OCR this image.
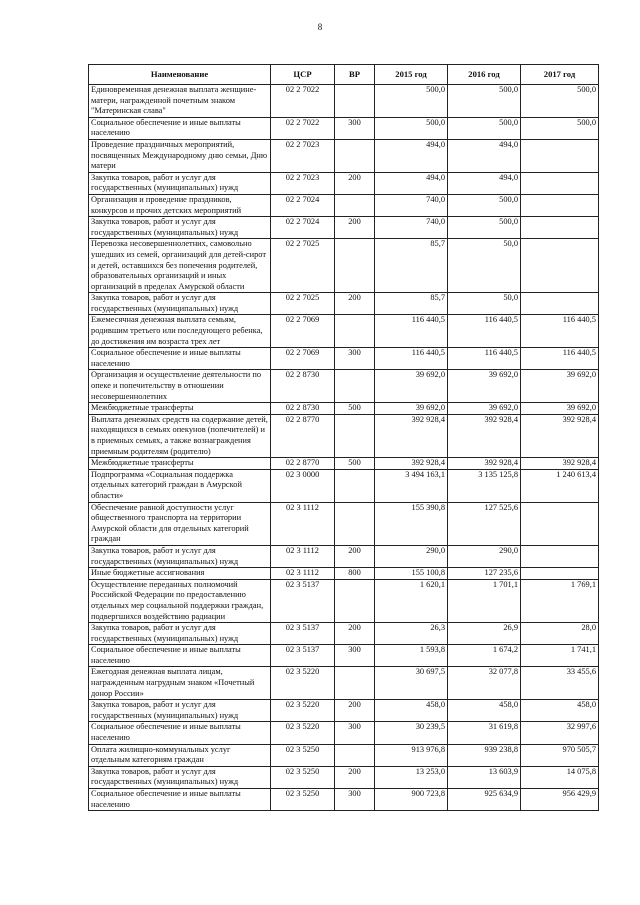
8
Наименование	ЦСР	ВР	2015 год	2016 год	2017 год
Единовременная денежная выплата женщине-матери, награжденной почетным знаком "Материнская слава"	02 2 7022		500,0	500,0	500,0
Социальное обеспечение и иные выплаты населению	02 2 7022	300	500,0	500,0	500,0
Проведение праздничных мероприятий, посвященных Международному дню семьи, Дню матери	02 2 7023		494,0	494,0	
Закупка товаров, работ и услуг для государственных (муниципальных) нужд	02 2 7023	200	494,0	494,0	
Организация и проведение праздников, конкурсов и прочих детских мероприятий	02 2 7024		740,0	500,0	
Закупка товаров, работ и услуг для государственных (муниципальных) нужд	02 2 7024	200	740,0	500,0	
Перевозка несовершеннолетних, самовольно ушедших из семей, организаций для детей-сирот и детей, оставшихся без попечения родителей, образовательных организаций и иных организаций в пределах Амурской области	02 2 7025		85,7	50,0	
Закупка товаров, работ и услуг для государственных (муниципальных) нужд	02 2 7025	200	85,7	50,0	
Ежемесячная денежная выплата семьям, родившим третьего или последующего ребенка, до достижения им возраста трех лет	02 2 7069		116 440,5	116 440,5	116 440,5
Социальное обеспечение и иные выплаты населению	02 2 7069	300	116 440,5	116 440,5	116 440,5
Организация и осуществление деятельности по опеке и попечительству в отношении несовершеннолетних	02 2 8730		39 692,0	39 692,0	39 692,0
Межбюджетные трансферты	02 2 8730	500	39 692,0	39 692,0	39 692,0
Выплата денежных средств на содержание детей, находящихся в семьях опекунов (попечителей) и в приемных семьях, а также вознаграждения приемным родителям (родителю)	02 2 8770		392 928,4	392 928,4	392 928,4
Межбюджетные трансферты	02 2 8770	500	392 928,4	392 928,4	392 928,4
Подпрограмма «Социальная поддержка отдельных категорий граждан в Амурской области»	02 3 0000		3 494 163,1	3 135 125,8	1 240 613,4
Обеспечение равной доступности услуг общественного транспорта на территории Амурской области для отдельных категорий граждан	02 3 1112		155 390,8	127 525,6	
Закупка товаров, работ и услуг для государственных (муниципальных) нужд	02 3 1112	200	290,0	290,0	
Иные бюджетные ассигнования	02 3 1112	800	155 100,8	127 235,6	
Осуществление переданных полномочий Российской Федерации по предоставлению отдельных мер социальной поддержки граждан, подвергшихся воздействию радиации	02 3 5137		1 620,1	1 701,1	1 769,1
Закупка товаров, работ и услуг для государственных (муниципальных) нужд	02 3 5137	200	26,3	26,9	28,0
Социальное обеспечение и иные выплаты населению	02 3 5137	300	1 593,8	1 674,2	1 741,1
Ежегодная денежная выплата лицам, награжденным нагрудным знаком «Почетный донор России»	02 3 5220		30 697,5	32 077,8	33 455,6
Закупка товаров, работ и услуг для государственных (муниципальных) нужд	02 3 5220	200	458,0	458,0	458,0
Социальное обеспечение и иные выплаты населению	02 3 5220	300	30 239,5	31 619,8	32 997,6
Оплата жилищно-коммунальных услуг отдельным категориям граждан	02 3 5250		913 976,8	939 238,8	970 505,7
Закупка товаров, работ и услуг для государственных (муниципальных) нужд	02 3 5250	200	13 253,0	13 603,9	14 075,8
Социальное обеспечение и иные выплаты населению	02 3 5250	300	900 723,8	925 634,9	956 429,9
